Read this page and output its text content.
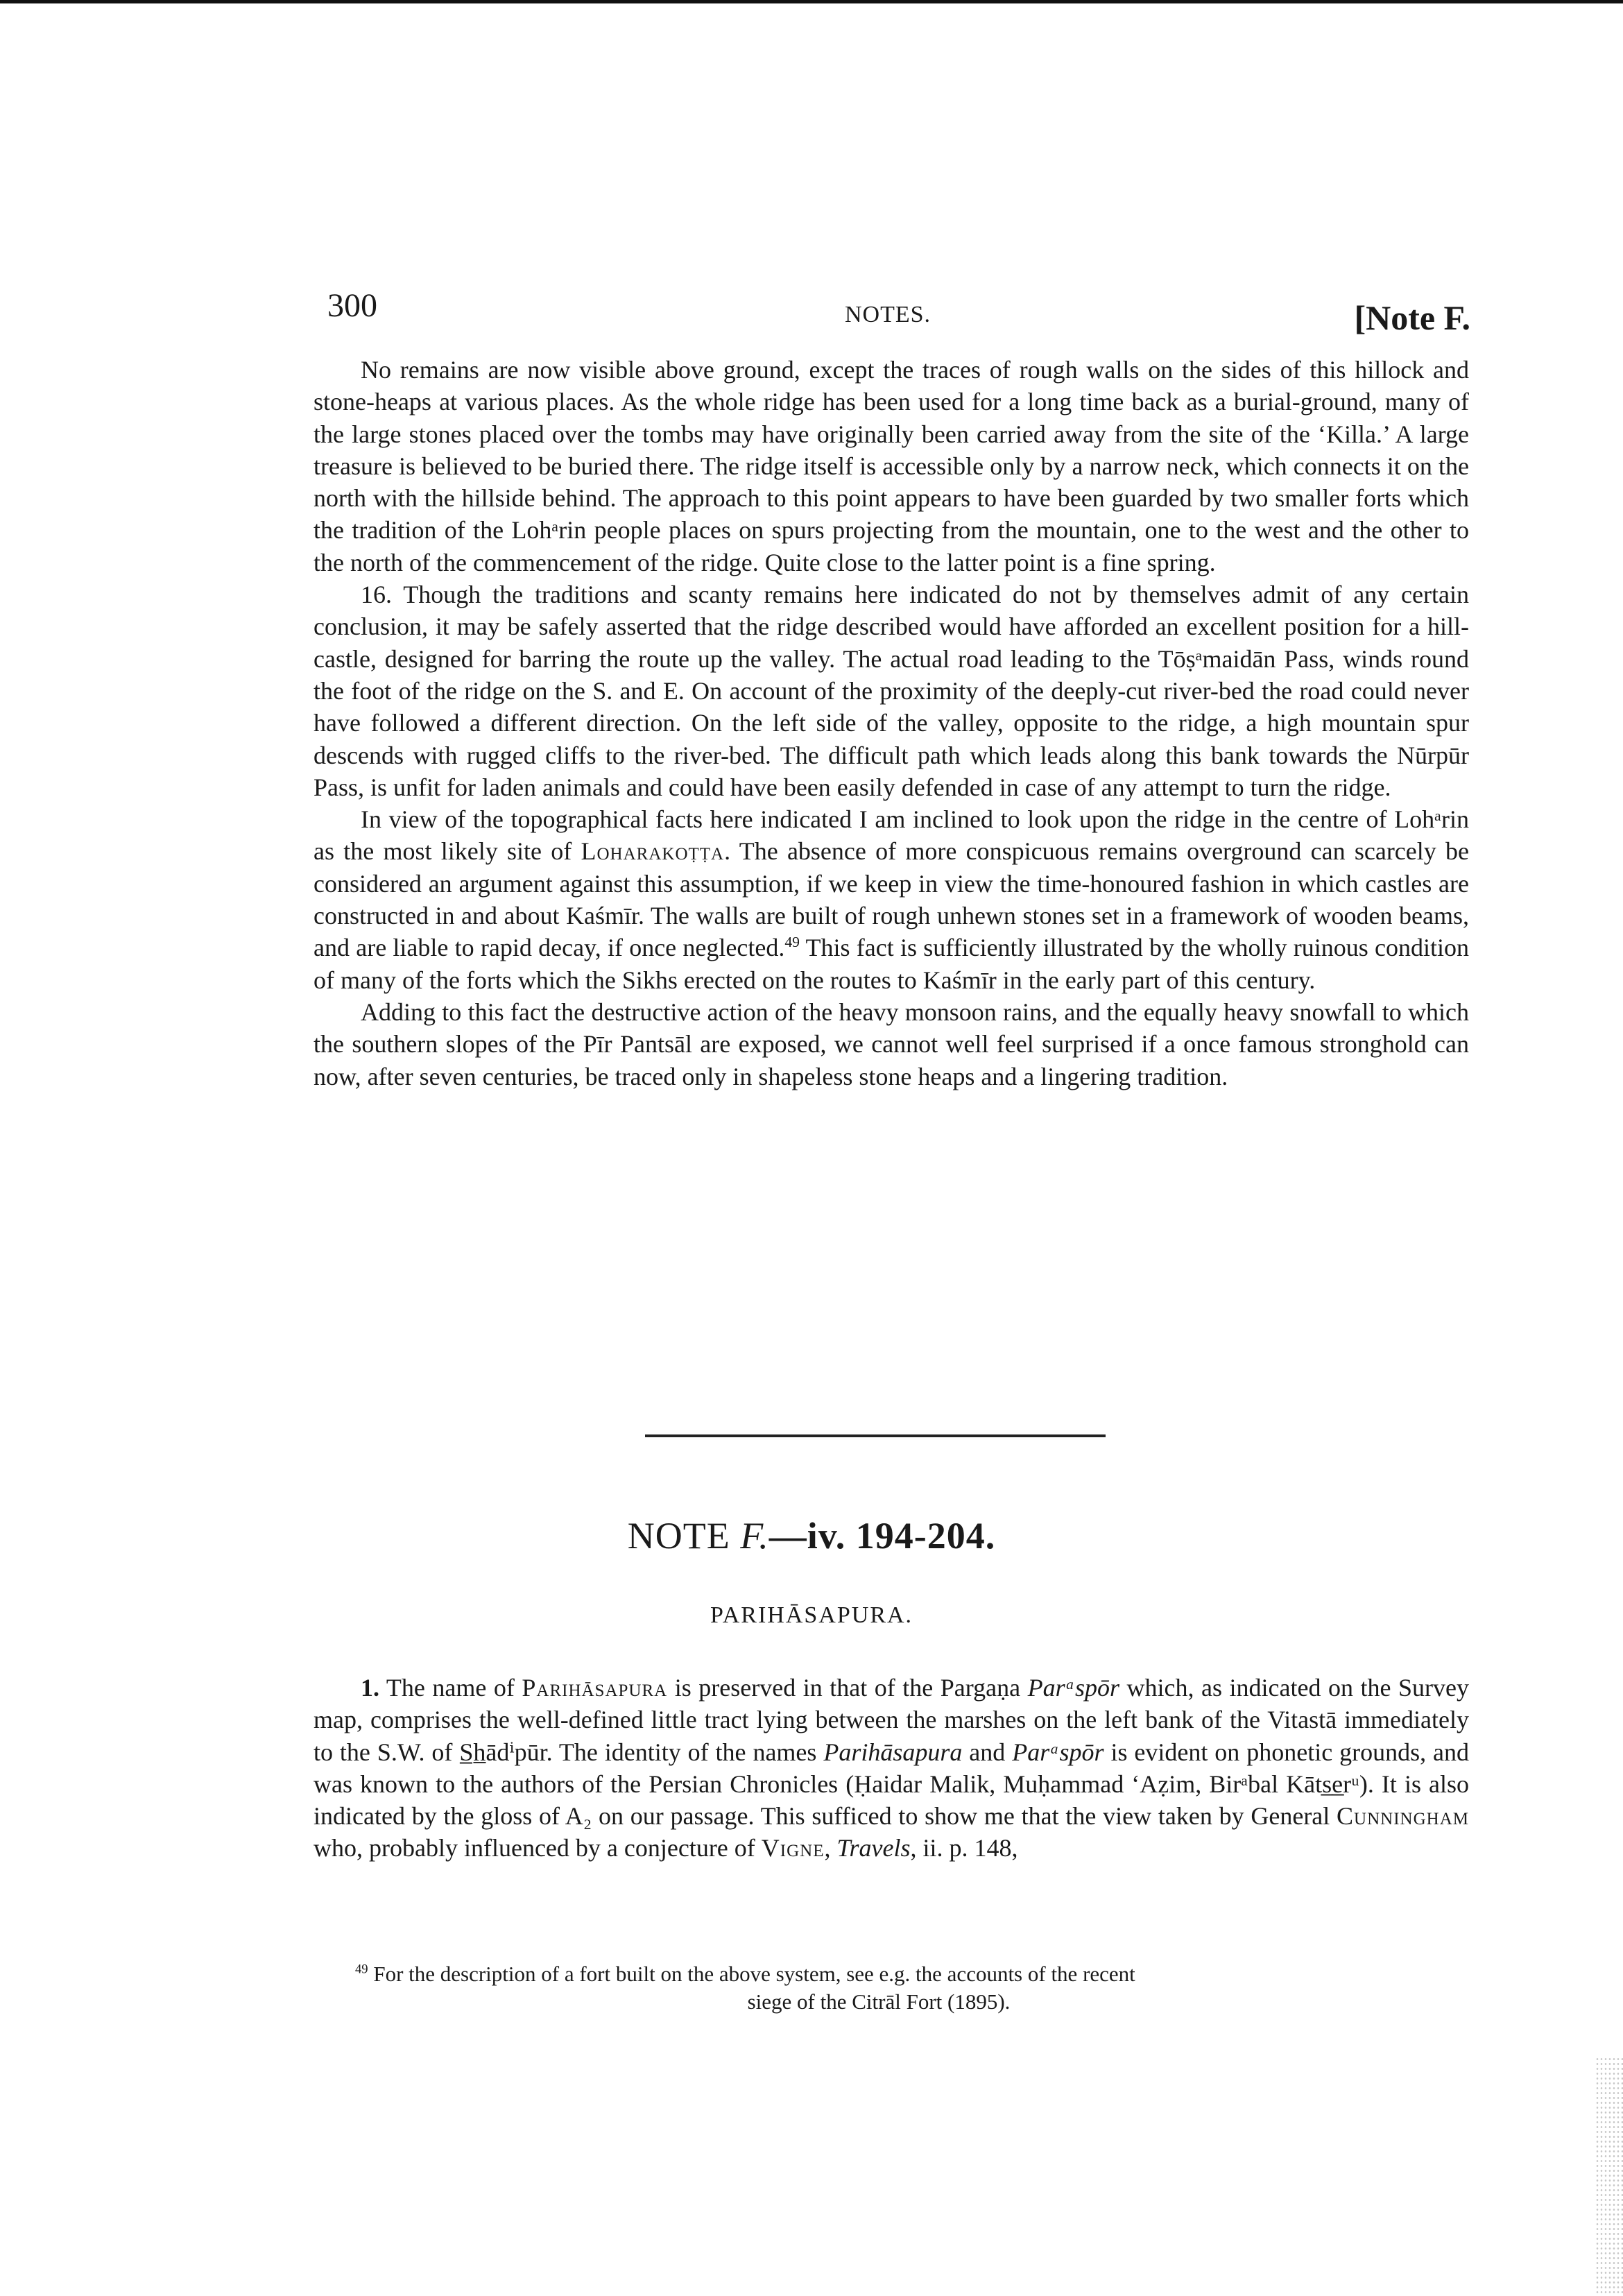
300	NOTES.	[Note F.

No remains are now visible above ground, except the traces of rough walls on the sides of this hillock and stone-heaps at various places. As the whole ridge has been used for a long time back as a burial-ground, many of the large stones placed over the tombs may have originally been carried away from the site of the ‘Killa.’ A large treasure is believed to be buried there. The ridge itself is accessible only by a narrow neck, which connects it on the north with the hillside behind. The approach to this point appears to have been guarded by two smaller forts which the tradition of the Lohᵃrin people places on spurs projecting from the mountain, one to the west and the other to the north of the commencement of the ridge. Quite close to the latter point is a fine spring.

16. Though the traditions and scanty remains here indicated do not by themselves admit of any certain conclusion, it may be safely asserted that the ridge described would have afforded an excellent position for a hill-castle, designed for barring the route up the valley. The actual road leading to the Tōṣᵃmaidān Pass, winds round the foot of the ridge on the S. and E. On account of the proximity of the deeply-cut river-bed the road could never have followed a different direction. On the left side of the valley, opposite to the ridge, a high mountain spur descends with rugged cliffs to the river-bed. The difficult path which leads along this bank towards the Nūrpūr Pass, is unfit for laden animals and could have been easily defended in case of any attempt to turn the ridge.

In view of the topographical facts here indicated I am inclined to look upon the ridge in the centre of Lohᵃrin as the most likely site of Loharakoṭṭa. The absence of more conspicuous remains overground can scarcely be considered an argument against this assumption, if we keep in view the time-honoured fashion in which castles are constructed in and about Kaśmīr. The walls are built of rough unhewn stones set in a framework of wooden beams, and are liable to rapid decay, if once neglected.$^{49}$ This fact is sufficiently illustrated by the wholly ruinous condition of many of the forts which the Sikhs erected on the routes to Kaśmīr in the early part of this century.

Adding to this fact the destructive action of the heavy monsoon rains, and the equally heavy snowfall to which the southern slopes of the Pīr Pantsāl are exposed, we cannot well feel surprised if a once famous stronghold can now, after seven centuries, be traced only in shapeless stone heaps and a lingering tradition.

NOTE F.—iv. 194-204.
PARIHĀSAPURA.

1. The name of Parihāsapura is preserved in that of the Pargaṇa Parᵃspōr which, as indicated on the Survey map, comprises the well-defined little tract lying between the marshes on the left bank of the Vitastā immediately to the S.W. of S̲h̲ādⁱpūr. The identity of the names Parihāsapura and Parᵃspōr is evident on phonetic grounds, and was known to the authors of the Persian Chronicles (Ḥaidar Malik, Muḥammad ‘Aẓim, Birᵃbal Kāts̲e̲rᵘ). It is also indicated by the gloss of A₂ on our passage. This sufficed to show me that the view taken by General Cunningham who, probably influenced by a conjecture of Vigne, Travels, ii. p. 148,

$^{49}$ For the description of a fort built on the above system, see e.g. the accounts of the recent
siege of the Citrāl Fort (1895).
